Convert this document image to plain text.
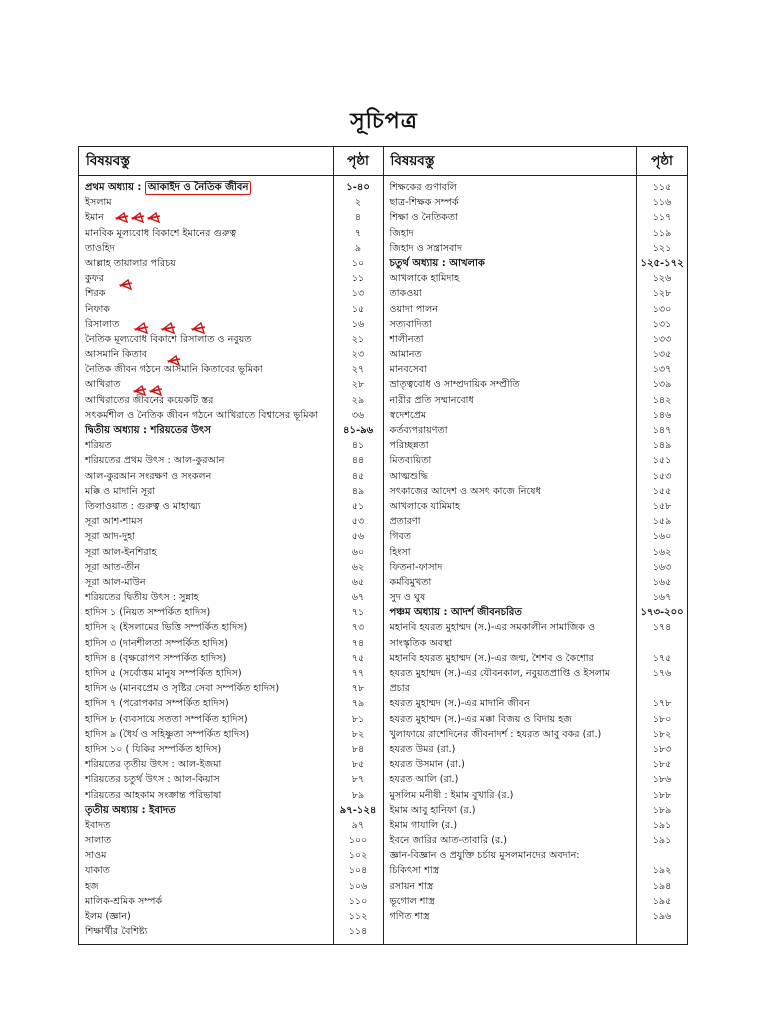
সূচিপত্র
বিষয়বস্তু
প্রথম অধ্যায় : আকাইদ ও নৈতিক জীবন
ইসলাম
ইমান
মানবিক মূল্যবোধ বিকাশে ইমানের গুরুত্ব
তাওহিদ
আল্লাহ তায়ালার পরিচয়
কুফর
শিরক
নিফাক
রিসালাত
নৈতিক মূল্যবোধ বিকাশে রিসালাত ও নবুয়ত
আসমানি কিতাব
নৈতিক জীবন গঠনে আসমানি কিতাবের ভূমিকা
আখিরাত
আখিরাতের জীবনের কয়েকটি স্তর
সৎকর্মশীল ও নৈতিক জীবন গঠনে আখিরাতে বিশ্বাসের ভূমিকা
দ্বিতীয় অধ্যায় : শরিয়তের উৎস
শরিয়ত
শরিয়তের প্রথম উৎস : আল-কুরআন
আল-কুরআন সংরক্ষণ ও সংকলন
মক্কি ও মাদানি সূরা
তিলাওয়াত : গুরুত্ব ও মাহাত্ম্য
সূরা আশ-শামস
সূরা আদ-দুহা
সূরা আল-ইনশিরাহ
সূরা আত-তীন
সূরা আল-মাউন
শরিয়তের দ্বিতীয় উৎস : সুন্নাহ
হাদিস ১ (নিয়ত সম্পর্কিত হাদিস)
হাদিস ২ (ইসলামের ভিত্তি সম্পর্কিত হাদিস)
হাদিস ৩ (দানশীলতা সম্পর্কিত হাদিস)
হাদিস ৪ (বৃক্ষরোপণ সম্পর্কিত হাদিস)
হাদিস ৫ (সর্বোত্তম মানুষ সম্পর্কিত হাদিস)
হাদিস ৬ (মানবপ্রেম ও সৃষ্টির সেবা সম্পর্কিত হাদিস)
হাদিস ৭ (পরোপকার সম্পর্কিত হাদিস)
হাদিস ৮ (ব্যবসায়ে সততা সম্পর্কিত হাদিস)
হাদিস ৯ (ধৈর্য ও সহিষ্ণুতা সম্পর্কিত হাদিস)
হাদিস ১০ ( যিকির সম্পর্কিত হাদিস)
শরিয়তের তৃতীয় উৎস : আল-ইজমা
শরিয়তের চতুর্থ উৎস : আল-কিয়াস
শরিয়তের আহকাম সংক্রান্ত পরিভাষা
তৃতীয় অধ্যায় : ইবাদত
ইবাদত
সালাত
সাওম
যাকাত
হজ
মালিক-শ্রমিক সম্পর্ক
ইলম (জ্ঞান)
শিক্ষার্থীর বৈশিষ্ট্য
পৃষ্ঠা
১-৪০
২
৪
৭
৯
১০
১১
১৩
১৫
১৬
২১
২৩
২৭
২৮
২৯
৩৬
৪১-৯৬
৪১
৪৪
৪৫
৪৯
৫১
৫৩
৫৬
৬০
৬২
৬৫
৬৭
৭১
৭৩
৭৪
৭৫
৭৭
৭৮
৭৯
৮১
৮২
৮৪
৮৫
৮৭
৮৯
৯৭-১২৪
৯৭
১০০
১০২
১০৪
১০৬
১১০
১১২
১১৪
বিষয়বস্তু
শিক্ষকের গুণাবলি
ছাত্র-শিক্ষক সম্পর্ক
শিক্ষা ও নৈতিকতা
জিহাদ
জিহাদ ও সন্ত্রাসবাদ
চতুর্থ অধ্যায় : আখলাক
আখলাকে হামিদাহ
তাকওয়া
ওয়াদা পালন
সত্যবাদিতা
শালীনতা
আমানত
মানবসেবা
ভ্রাতৃত্ববোধ ও সাম্প্রদায়িক সম্প্রীতি
নারীর প্রতি সম্মানবোধ
স্বদেশপ্রেম
কর্তব্যপরায়ণতা
পরিচ্ছন্নতা
মিতব্যয়িতা
আত্মশুদ্ধি
সৎকাজের আদেশ ও অসৎ কাজে নিষেধ
আখলাকে যামিমাহ
প্রতারণা
গিবত
হিংসা
ফিতনা-ফাসাদ
কর্মবিমুখতা
সুদ ও ঘুষ
পঞ্চম অধ্যায় : আদর্শ জীবনচরিত
মহানবি হযরত মুহাম্মদ (স.)-এর সমকালীন সামাজিক ও সাংস্কৃতিক অবস্থা
মহানবি হযরত মুহাম্মদ (স.)-এর জন্ম, শৈশব ও কৈশোর
হযরত মুহাম্মদ (স.)-এর যৌবনকাল, নবুয়তপ্রাপ্তি ও ইসলাম প্রচার
হযরত মুহাম্মদ (স.)-এর মাদানি জীবন
হযরত মুহাম্মদ (স.)-এর মক্কা বিজয় ও বিদায় হজ
খুলাফায়ে রাশেদিনের জীবনাদর্শ : হযরত আবু বকর (রা.)
হযরত উমর (রা.)
হযরত উসমান (রা.)
হযরত আলি (রা.)
মুসলিম মনীষী : ইমাম বুখারি (র.)
ইমাম আবু হানিফা (র.)
ইমাম গাযালি (র.)
ইবনে জারির আত-তাবারি (র.)
জ্ঞান-বিজ্ঞান ও প্রযুক্তি চর্চায় মুসলমানদের অবদান:
চিকিৎসা শাস্ত্র
রসায়ন শাস্ত্র
ভূগোল শাস্ত্র
গণিত শাস্ত্র
পৃষ্ঠা
১১৫
১১৬
১১৭
১১৯
১২১
১২৫-১৭২
১২৬
১২৮
১৩০
১৩১
১৩৩
১৩৫
১৩৭
১৩৯
১৪২
১৪৬
১৪৭
১৪৯
১৫১
১৫৩
১৫৫
১৫৮
১৫৯
১৬০
১৬২
১৬৩
১৬৫
১৬৭
১৭৩-২০০
১৭৪
১৭৫
১৭৬
১৭৮
১৮০
১৮২
১৮৩
১৮৫
১৮৬
১৮৮
১৮৯
১৯১
১৯১
১৯২
১৯৪
১৯৫
১৯৬
